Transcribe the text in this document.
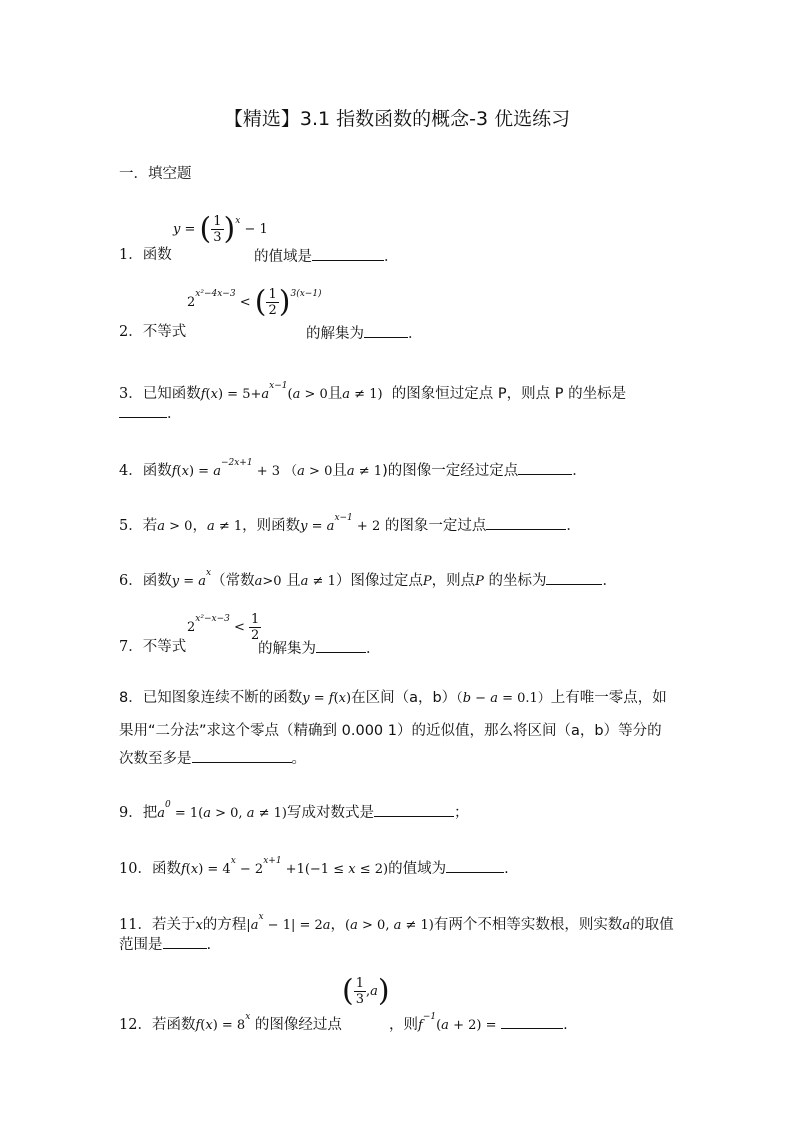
【精选】3.1 指数函数的概念-3 优选练习
一．填空题
1．函数
y = ( $\frac{1}{3} )^x - 1$
的值域是	．
2．不等式
$2^{x^2-4x-3}$ < ( $\frac{1}{2} )^{3(x-1)}$
的解集为	．
3．已知函数$f(x) = 5+a^{x-1}(a > 0$且a ≠ 1) 的图象恒过定点 P，则点 P 的坐标是
．
4．函数$f(x) = a^{-2x+1} + 3$ （a > 0且a ≠ 1)的图像一定经过定点	．
5．若a > 0，a ≠ 1，则函数$y = a^{x-1} + 2$ 的图象一定过点	．
6．函数$y = a^x$（常数a>0 且a ≠ 1）图像过定点P，则点P 的坐标为	．
7．不等式
$2^{x^2-x-3} < \frac{1}{2}$
的解集为	．
8．已知图象连续不断的函数y = f(x)在区间（a，b）（b − a = 0.1）上有唯一零点，如
果用“二分法”求这个零点（精确到 0.000 1）的近似值，那么将区间（a，b）等分的
次数至多是	。
9．把$a^0 = 1(a > 0$, a ≠ 1)写成对数式是	；
10．函数$f(x) = 4^x - 2^{x+1} +1(-1 \le x \le 2)$的值域为	.
11．若关于x的方程$|a^x - 1| = 2a$，(a > 0, a ≠ 1)有两个不相等实数根，则实数a的取值
范围是	.
12．若函数$f(x) = 8^x$ 的图像经过点
( $\frac{1}{3} ,a$)
，则$f^{-1}(a + 2)$ =	.
